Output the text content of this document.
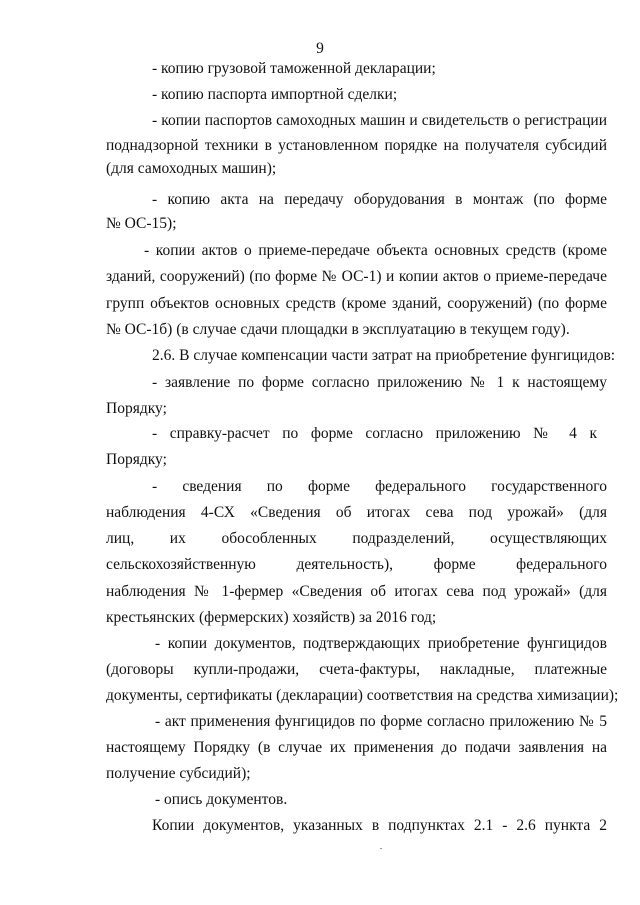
9
- копию грузовой таможенной декларации;
- копию паспорта импортной сделки;
- копии паспортов самоходных машин и свидетельств о регистрации
поднадзорной техники в установленном порядке на получателя субсидий
(для самоходных машин);
- копию акта на передачу оборудования в монтаж (по форме
№ ОС-15);
- копии актов о приеме-передаче объекта основных средств (кроме
зданий, сооружений) (по форме № ОС-1) и копии актов о приеме-передаче
групп объектов основных средств (кроме зданий, сооружений) (по форме
№ ОС-1б) (в случае сдачи площадки в эксплуатацию в текущем году).
2.6. В случае компенсации части затрат на приобретение фунгицидов:
- заявление по форме согласно приложению № 1 к настоящему
Порядку;
- справку-расчет по форме согласно приложению № 4 к
Порядку;
- сведения по форме федерального государственного
наблюдения 4-СХ «Сведения об итогах сева под урожай» (для
лиц, их обособленных подразделений, осуществляющих
сельскохозяйственную деятельность), форме федерального
наблюдения № 1-фермер «Сведения об итогах сева под урожай» (для
крестьянских (фермерских) хозяйств) за 2016 год;
- копии документов, подтверждающих приобретение фунгицидов
(договоры купли-продажи, счета-фактуры, накладные, платежные
документы, сертификаты (декларации) соответствия на средства химизации);
- акт применения фунгицидов по форме согласно приложению № 5
настоящему Порядку (в случае их применения до подачи заявления на
получение субсидий);
- опись документов.
Копии документов, указанных в подпунктах 2.1 - 2.6 пункта 2
